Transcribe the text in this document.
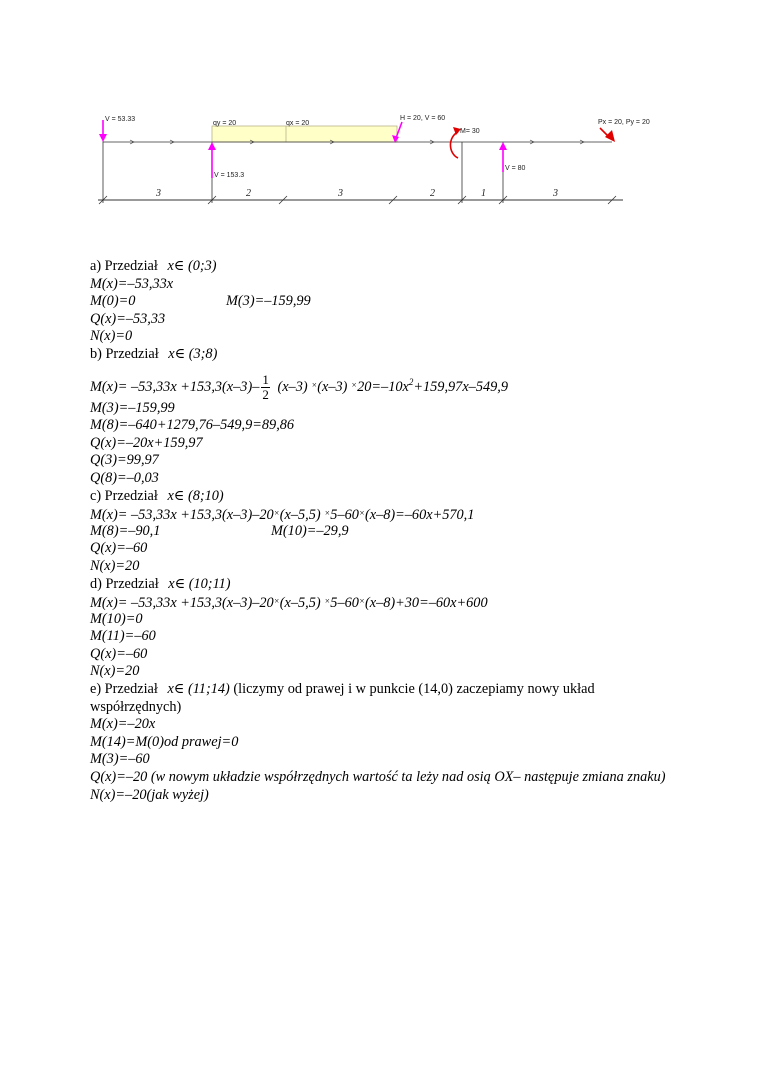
3	2	3	2	1	3
V = 53.33
V = 153.3
qy = 20	qx = 20
H = 20, V = 60
M= 30
V = 80
Px = 20, Py = 20
a) Przedział x∈ (0;3)
M(x)=–53,33x
M(0)=0	M(3)=–159,99
Q(x)=–53,33
N(x)=0
b) Przedział x∈ (3;8)
$M(x)= -53,33x +153,3(x-3)- \frac{1}{2} (x-3)$ ×(x–3) $^\times 20=-10x^2+159,97x-549,9$
M(3)=–159,99
M(8)=–640+1279,76–549,9=89,86
Q(x)=–20x+159,97
Q(3)=99,97
Q(8)=–0,03
c) Przedział x∈ (8;10)
M(x)= –53,33x +153,3(x–3)–20×(x–5,5) ×5–60×(x–8)=–60x+570,1
M(8)=–90,1	M(10)=–29,9
Q(x)=–60
N(x)=20
d) Przedział x∈ (10;11)
M(x)= –53,33x +153,3(x–3)–20×(x–5,5) ×5–60×(x–8)+30=–60x+600
M(10)=0
M(11)=–60
Q(x)=–60
N(x)=20
e) Przedział x∈ (11;14) (liczymy od prawej i w punkcie (14,0) zaczepiamy nowy układ współrzędnych)
M(x)=–20x
M(14)=M(0)od prawej=0
M(3)=–60
Q(x)=–20 (w nowym układzie współrzędnych wartość ta leży nad osią OX– następuje zmiana znaku)
N(x)=–20(jak wyżej)
